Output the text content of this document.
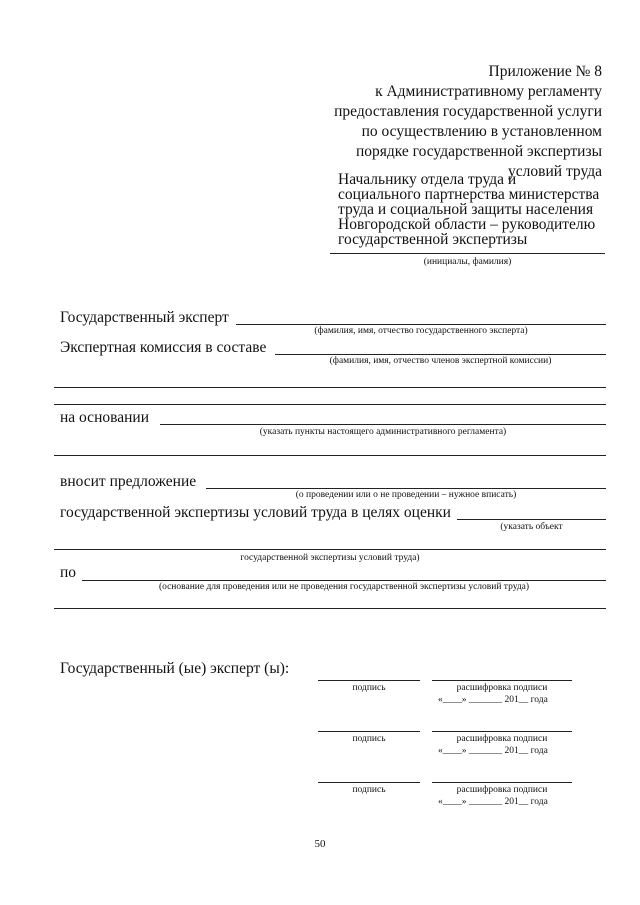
Приложение № 8
к Административному регламенту
предоставления государственной услуги
по осуществлению в установленном
порядке государственной экспертизы
условий труда
Начальнику отдела труда и
социального партнерства министерства
труда и социальной защиты населения
Новгородской области – руководителю
государственной экспертизы
(инициалы, фамилия)
Государственный эксперт
(фамилия, имя, отчество государственного эксперта)
Экспертная комиссия в составе
(фамилия, имя, отчество членов экспертной комиссии)
на основании
(указать пункты настоящего административного регламента)
вносит предложение
(о проведении или о не проведении – нужное вписать)
государственной экспертизы условий труда в целях оценки
(указать объект
государственной экспертизы условий труда)
по
(основание для проведения или не проведения государственной экспертизы условий труда)
Государственный (ые) эксперт (ы):
подпись	расшифровка подписи
«____» _______ 201__ года
подпись	расшифровка подписи
«____» _______ 201__ года
подпись	расшифровка подписи
«____» _______ 201__ года
50
